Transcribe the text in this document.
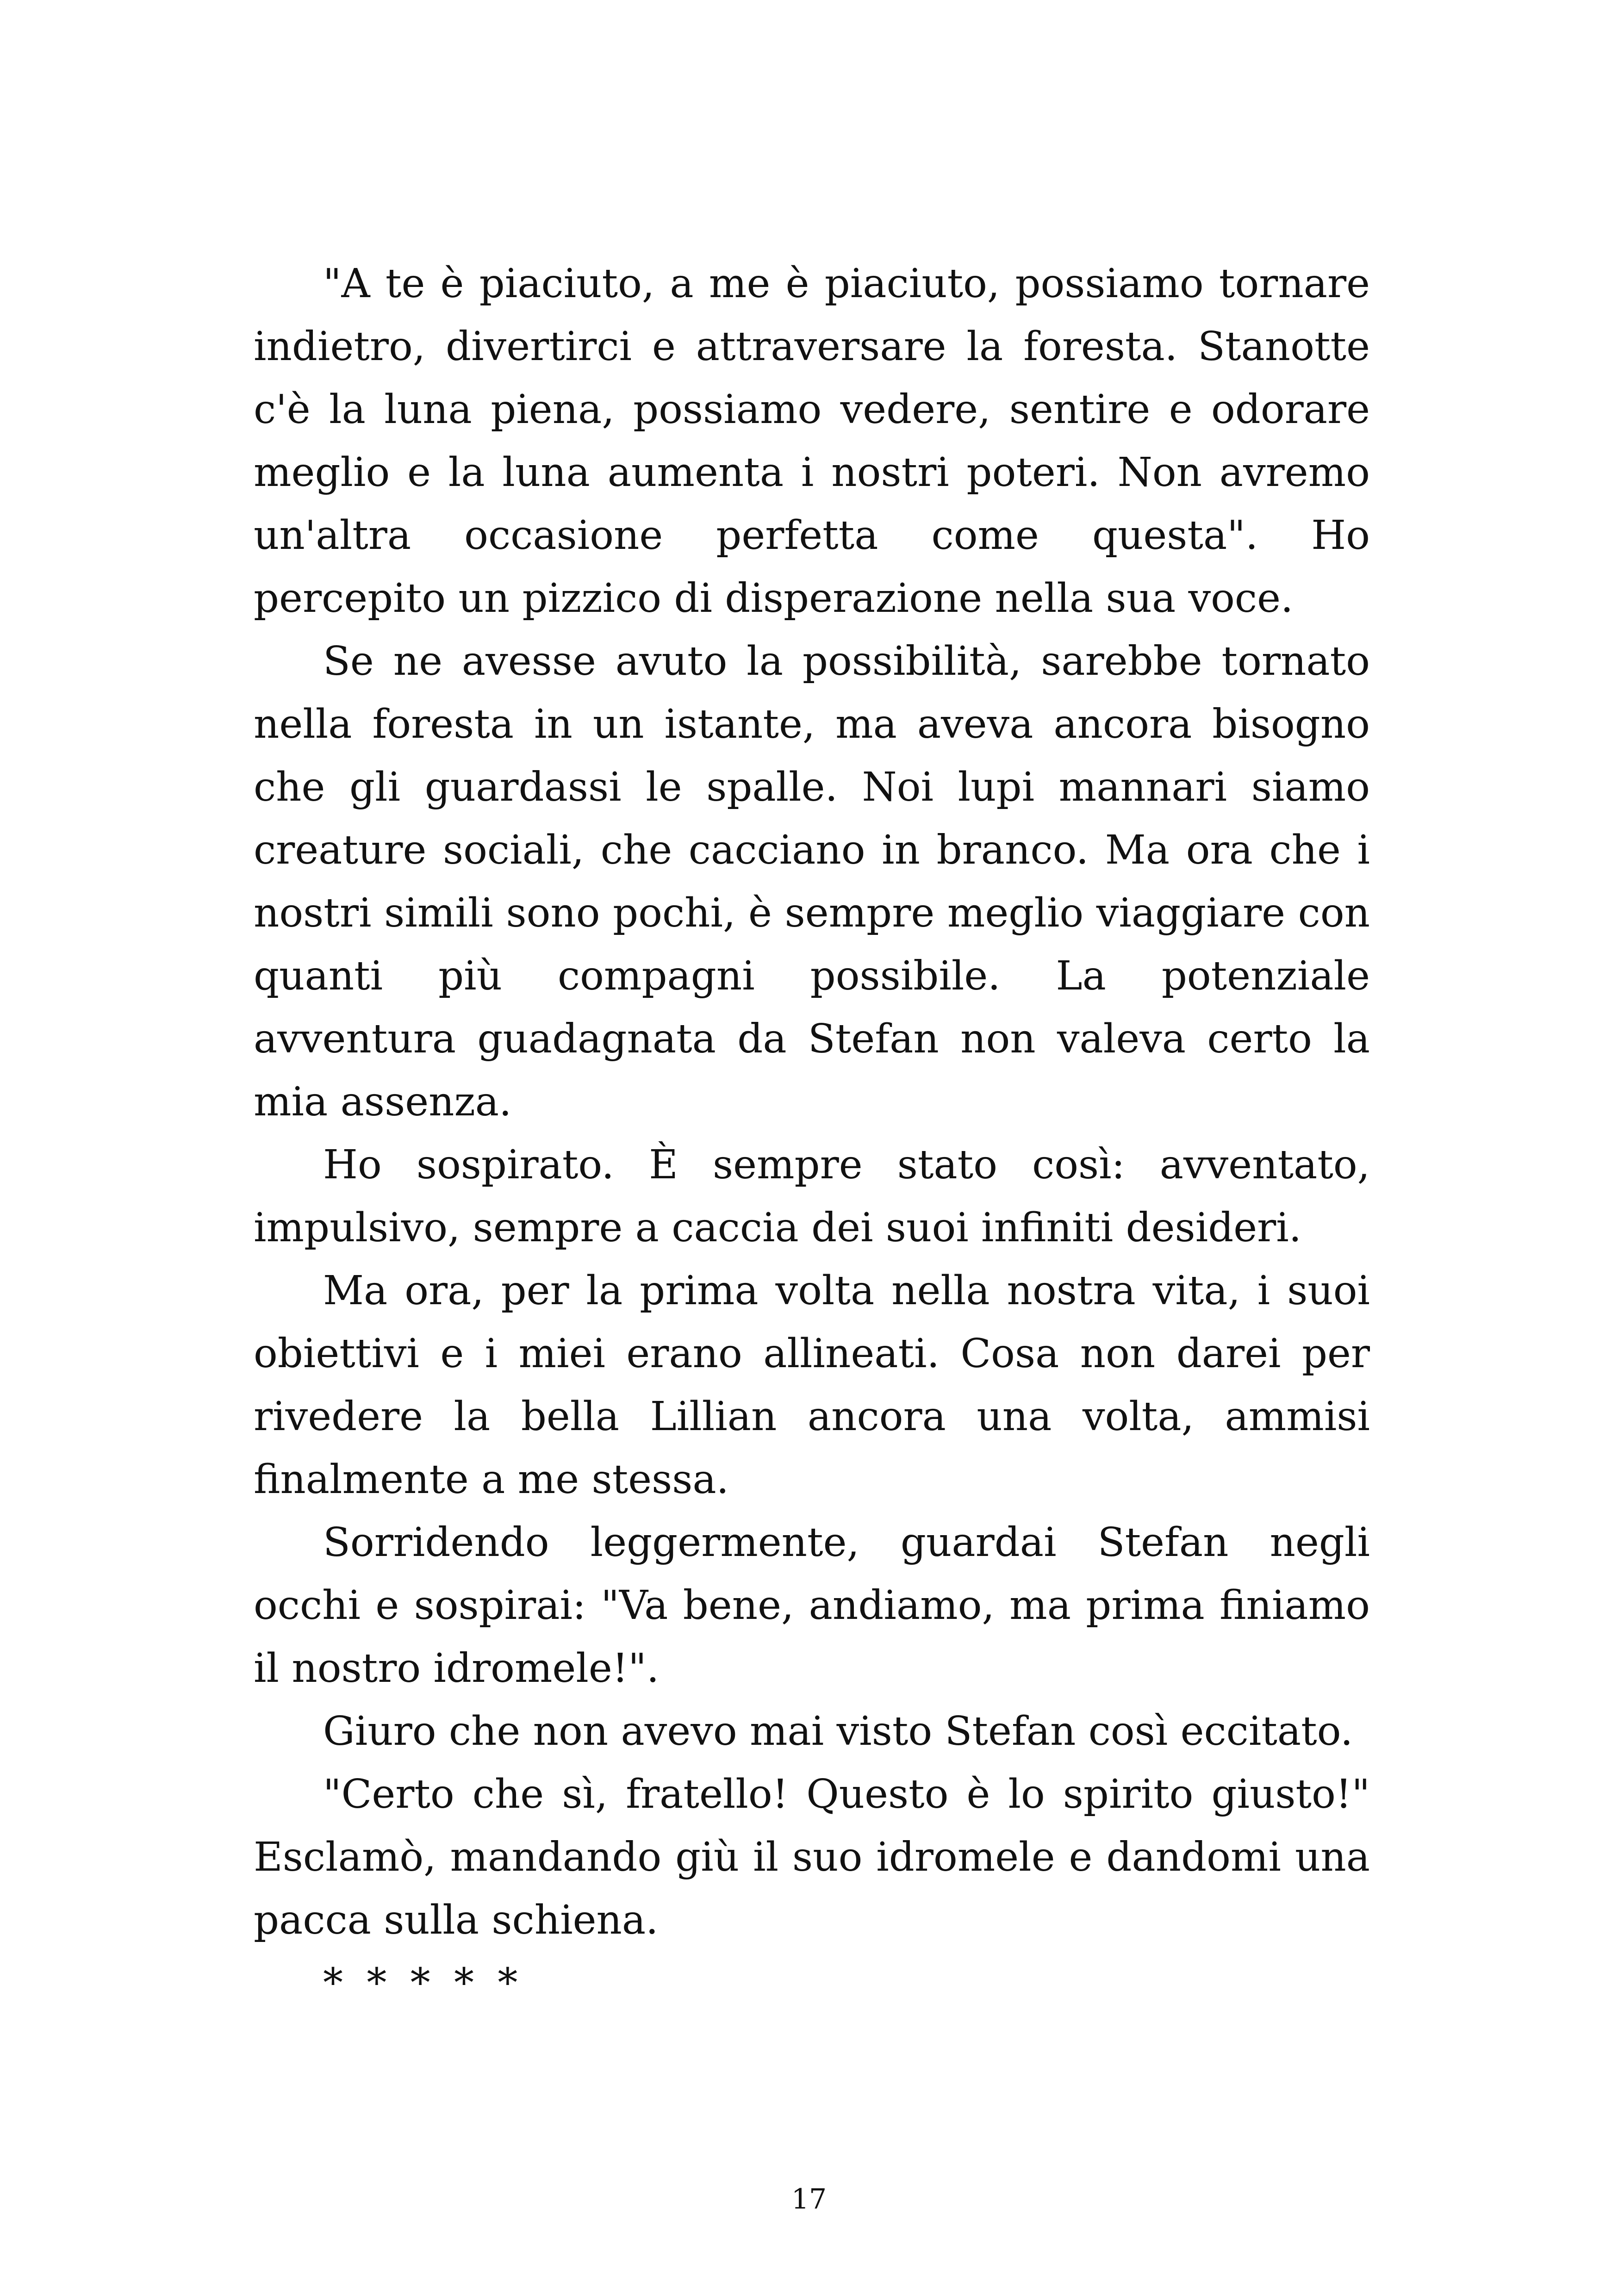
"A te è piaciuto, a me è piaciuto, possiamo tornare indietro, divertirci e attraversare la foresta. Stanotte c'è la luna piena, possiamo vedere, sentire e odorare meglio e la luna aumenta i nostri poteri. Non avremo un'altra occasione perfetta come questa". Ho percepito un pizzico di disperazione nella sua voce.

Se ne avesse avuto la possibilità, sarebbe tornato nella foresta in un istante, ma aveva ancora bisogno che gli guardassi le spalle. Noi lupi mannari siamo creature sociali, che cacciano in branco. Ma ora che i nostri simili sono pochi, è sempre meglio viaggiare con quanti più compagni possibile. La potenziale avventura guadagnata da Stefan non valeva certo la mia assenza.

Ho sospirato. È sempre stato così: avventato, impulsivo, sempre a caccia dei suoi infiniti desideri.

Ma ora, per la prima volta nella nostra vita, i suoi obiettivi e i miei erano allineati. Cosa non darei per rivedere la bella Lillian ancora una volta, ammisi finalmente a me stessa.

Sorridendo leggermente, guardai Stefan negli occhi e sospirai: "Va bene, andiamo, ma prima finiamo il nostro idromele!".

Giuro che non avevo mai visto Stefan così eccitato.

"Certo che sì, fratello! Questo è lo spirito giusto!" Esclamò, mandando giù il suo idromele e dandomi una pacca sulla schiena.

* * * * *

17
